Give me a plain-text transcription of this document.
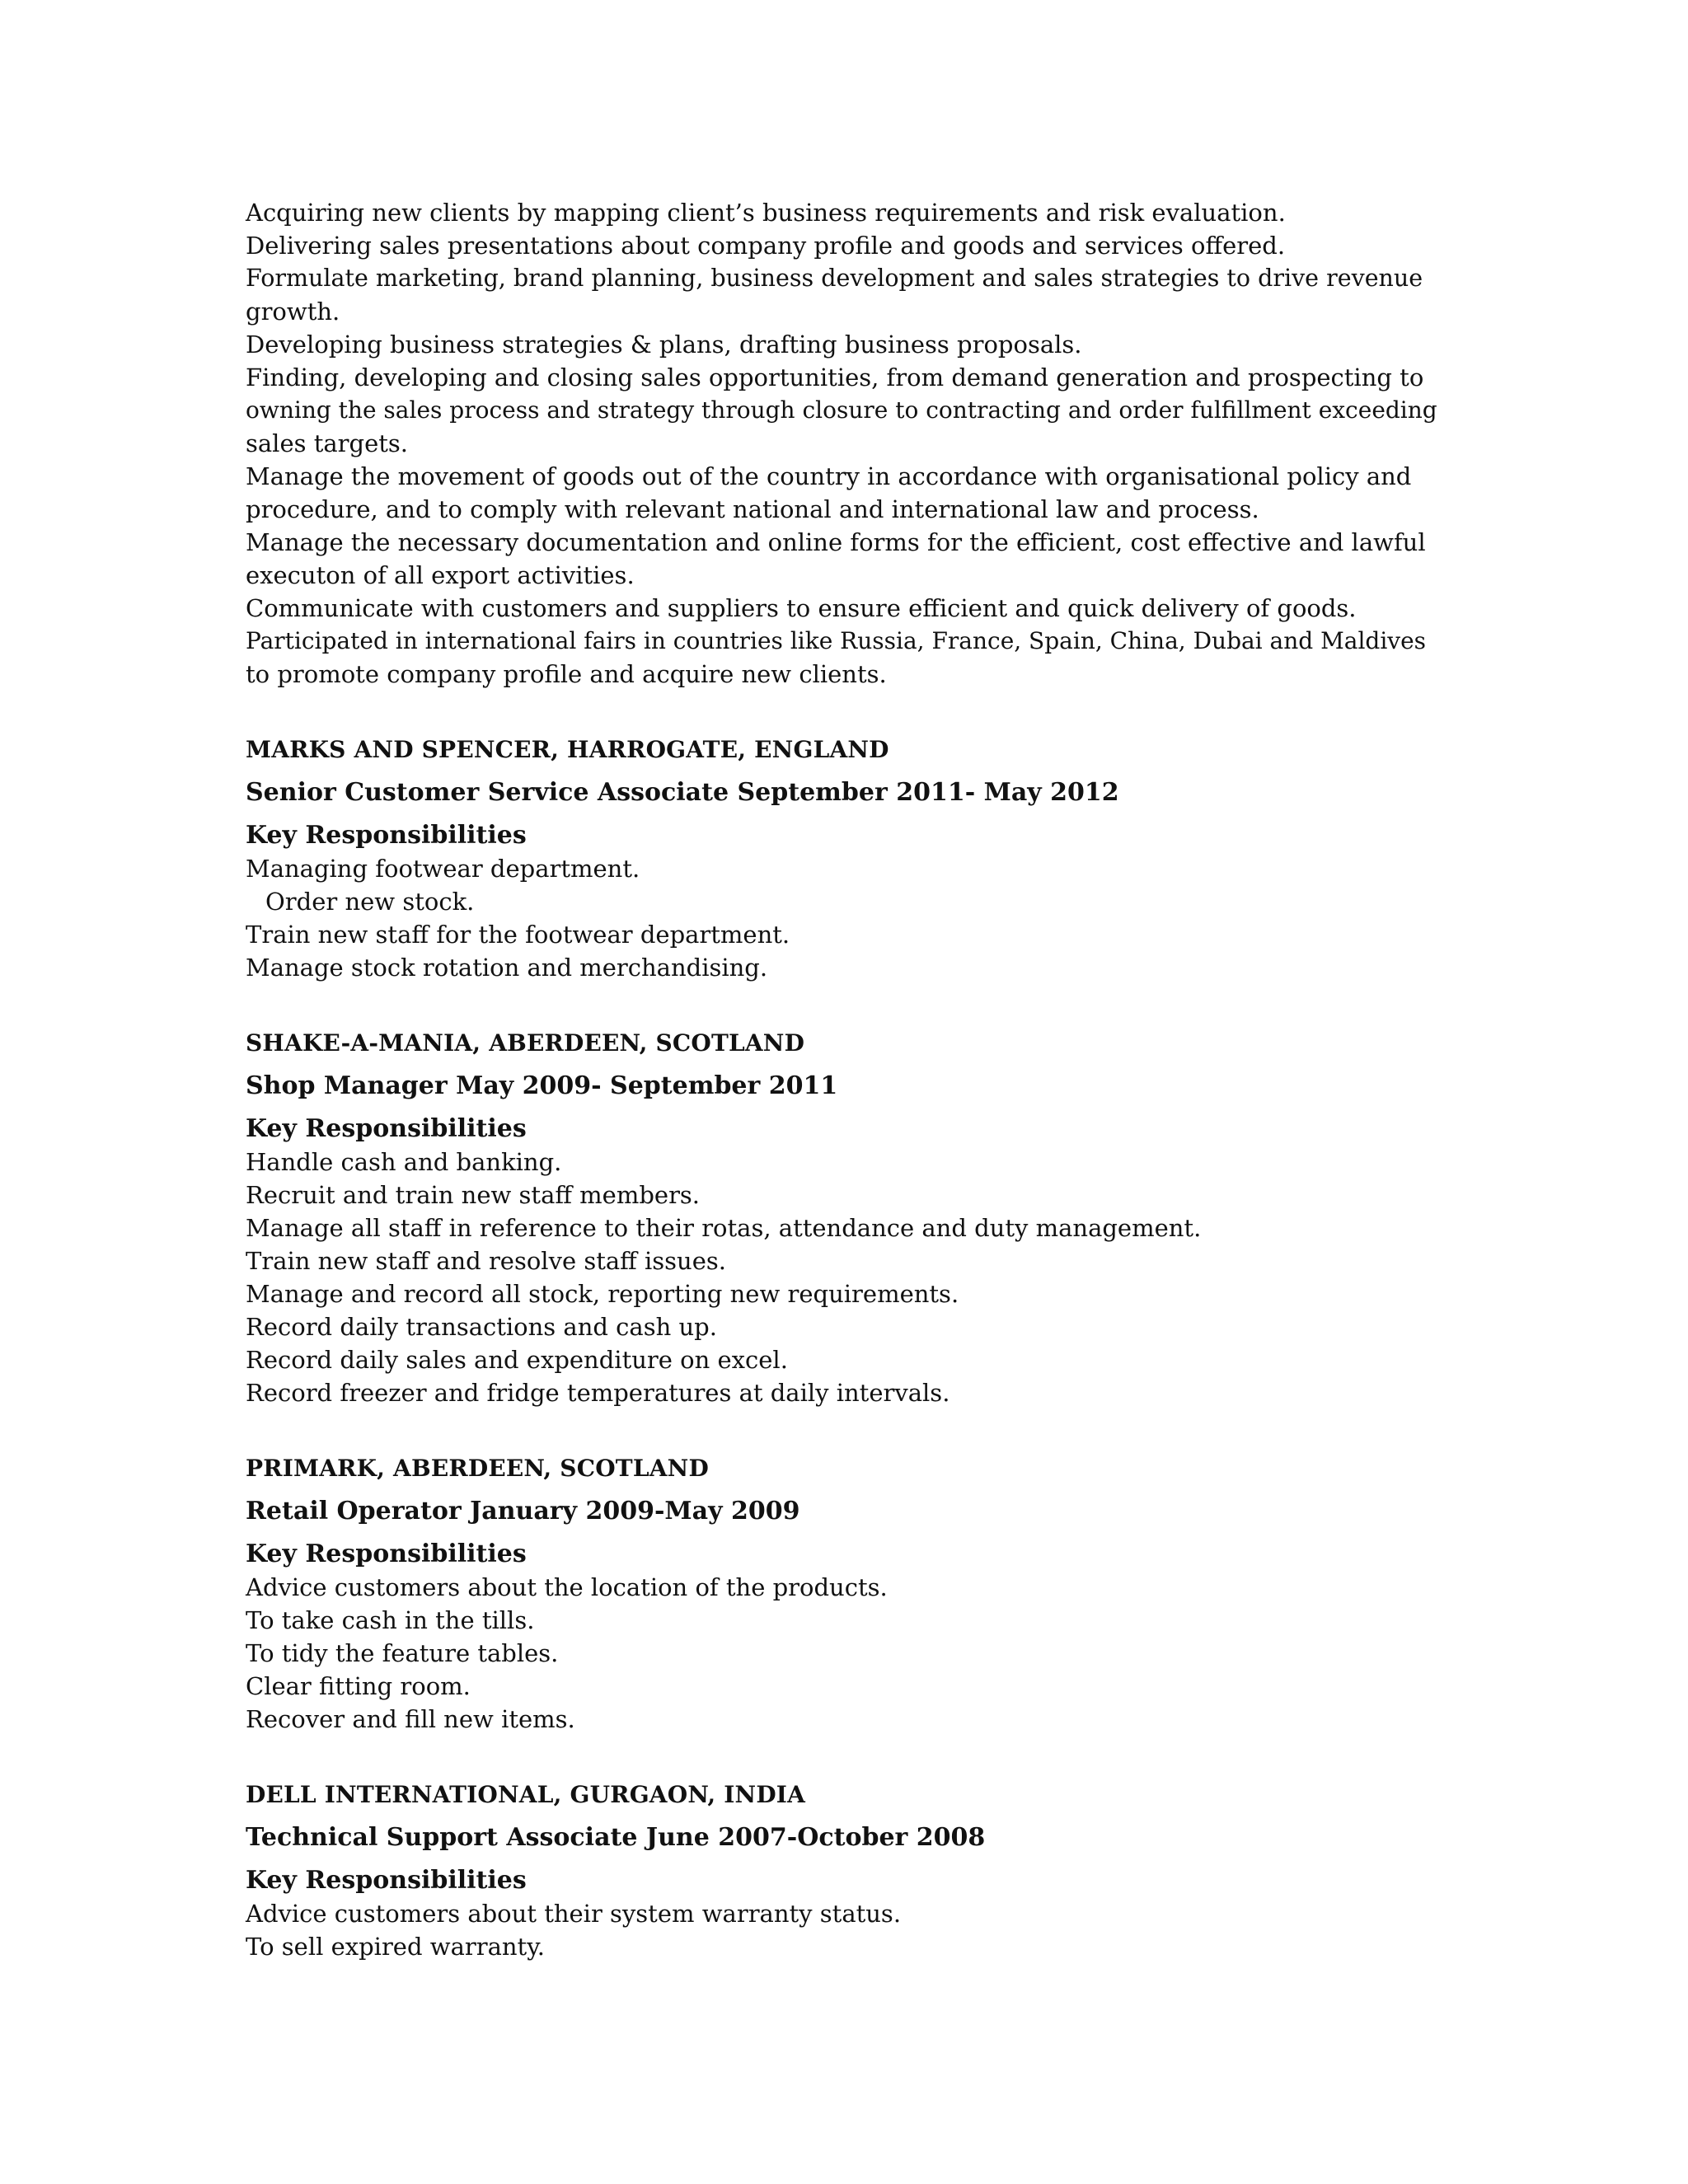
Acquiring new clients by mapping client’s business requirements and risk evaluation.

Delivering sales presentations about company profile and goods and services offered.

Formulate marketing, brand planning, business development and sales strategies to drive revenue

growth.

Developing business strategies & plans, drafting business proposals.

Finding, developing and closing sales opportunities, from demand generation and prospecting to

owning the sales process and strategy through closure to contracting and order fulfillment exceeding

sales targets.

Manage the movement of goods out of the country in accordance with organisational policy and

procedure, and to comply with relevant national and international law and process.

Manage the necessary documentation and online forms for the efficient, cost effective and lawful

executon of all export activities.

Communicate with customers and suppliers to ensure efficient and quick delivery of goods.

Participated in international fairs in countries like Russia, France, Spain, China, Dubai and Maldives

to promote company profile and acquire new clients.

MARKS AND SPENCER, HARROGATE, ENGLAND

Senior Customer Service Associate September 2011- May 2012

Key Responsibilities

Managing footwear department.

Order new stock.

Train new staff for the footwear department.

Manage stock rotation and merchandising.

SHAKE-A-MANIA, ABERDEEN, SCOTLAND

Shop Manager May 2009- September 2011

Key Responsibilities

Handle cash and banking.

Recruit and train new staff members.

Manage all staff in reference to their rotas, attendance and duty management.

Train new staff and resolve staff issues.

Manage and record all stock, reporting new requirements.

Record daily transactions and cash up.

Record daily sales and expenditure on excel.

Record freezer and fridge temperatures at daily intervals.

PRIMARK, ABERDEEN, SCOTLAND

Retail Operator January 2009-May 2009

Key Responsibilities

Advice customers about the location of the products.

To take cash in the tills.

To tidy the feature tables.

Clear fitting room.

Recover and fill new items.

DELL INTERNATIONAL, GURGAON, INDIA

Technical Support Associate June 2007-October 2008

Key Responsibilities

Advice customers about their system warranty status.

To sell expired warranty.
